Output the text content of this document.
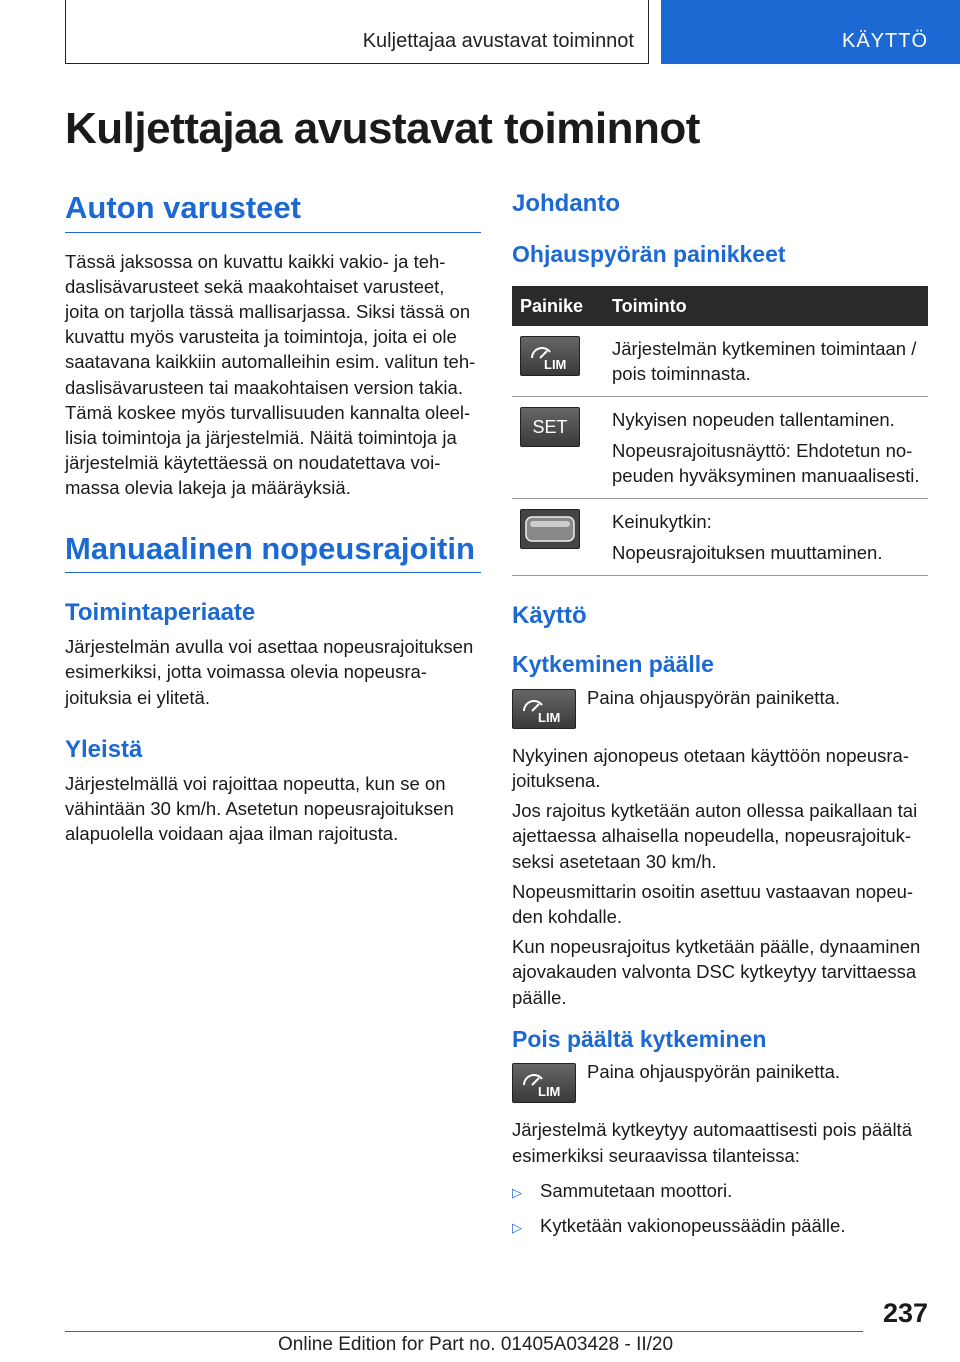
Kuljettajaa avustavat toiminnot	KÄYTTÖ
Kuljettajaa avustavat toiminnot
Auton varusteet

Tässä jaksossa on kuvattu kaikki vakio- ja tehdaslisävarusteet sekä maakohtaiset varusteet, joita on tarjolla tässä mallisarjassa. Siksi tässä on kuvattu myös varusteita ja toimintoja, joita ei ole saatavana kaikkiin automalleihin esim. valitun tehdaslisävarusteen tai maakohtaisen version takia. Tämä koskee myös turvallisuuden kannalta oleellisia toimintoja ja järjestelmiä. Näitä toimintoja ja järjestelmiä käytettäessä on noudatettava voimassa olevia lakeja ja määräyksiä.

Manuaalinen nopeusrajoitin
Toimintaperiaate

Järjestelmän avulla voi asettaa nopeusrajoituksen esimerkiksi, jotta voimassa olevia nopeusrajoituksia ei ylitetä.

Yleistä

Järjestelmällä voi rajoittaa nopeutta, kun se on vähintään 30 km/h. Asetetun nopeusrajoituksen alapuolella voidaan ajaa ilman rajoitusta.

Johdanto
Ohjauspyörän painikkeet
Painike	Toiminto

LIM	Järjestelmän kytkeminen toimintaan / pois toiminnasta.

SET	Nykyisen nopeuden tallentaminen.
Nopeusrajoitusnäyttö: Ehdotetun nopeuden hyväksyminen manuaalisesti.

Keinukytkin:
Nopeusrajoituksen muuttaminen.
Käyttö
Kytkeminen päälle
LIM

Paina ohjauspyörän painiketta.

Nykyinen ajonopeus otetaan käyttöön nopeusrajoituksena.

Jos rajoitus kytketään auton ollessa paikallaan tai ajettaessa alhaisella nopeudella, nopeusrajoitukseksi asetetaan 30 km/h.

Nopeusmittarin osoitin asettuu vastaavan nopeuden kohdalle.

Kun nopeusrajoitus kytketään päälle, dynaaminen ajovakauden valvonta DSC kytkeytyy tarvittaessa päälle.

Pois päältä kytkeminen
LIM

Paina ohjauspyörän painiketta.

Järjestelmä kytkeytyy automaattisesti pois päältä esimerkiksi seuraavissa tilanteissa:

▷ Sammutetaan moottori.
▷ Kytketään vakionopeussäädin päälle.
237
Online Edition for Part no. 01405A03428 - II/20
